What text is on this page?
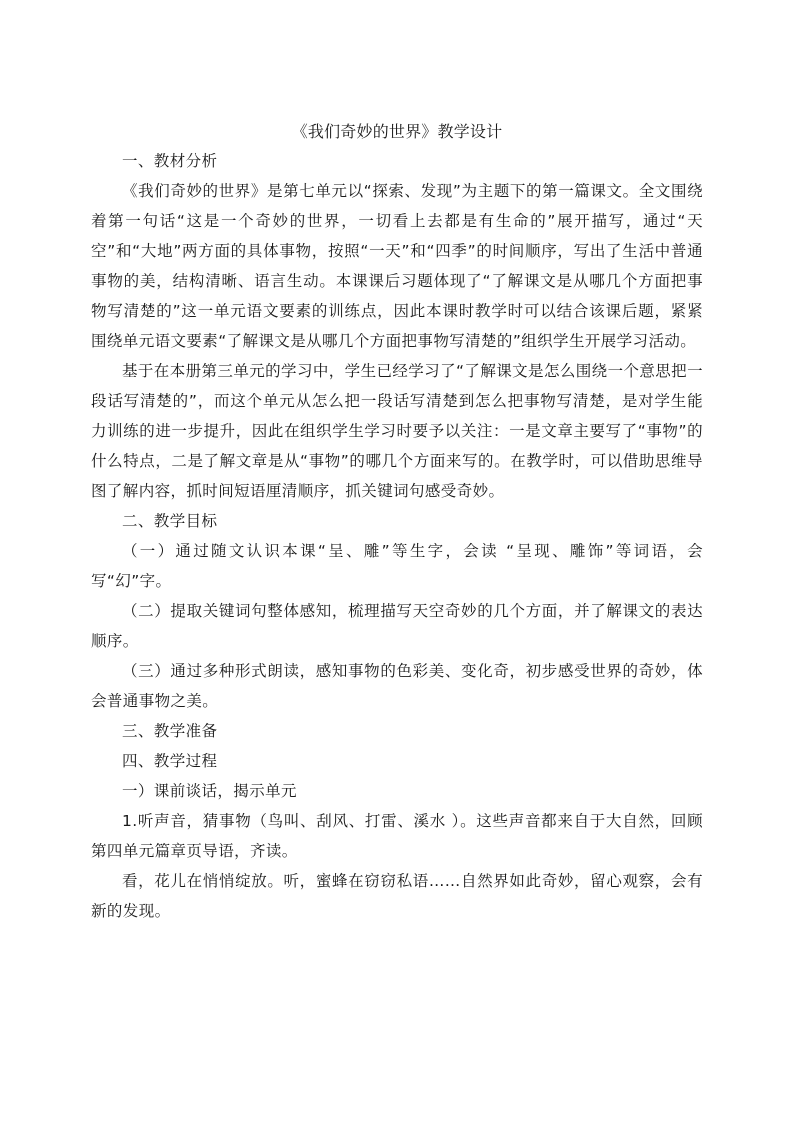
《我们奇妙的世界》教学设计
一、教材分析

《我们奇妙的世界》是第七单元以“探索、发现”为主题下的第一篇课文。全文围绕着第一句话“这是一个奇妙的世界，一切看上去都是有生命的”展开描写，通过“天空”和“大地”两方面的具体事物，按照“一天”和“四季”的时间顺序，写出了生活中普通事物的美，结构清晰、语言生动。本课课后习题体现了“了解课文是从哪几个方面把事物写清楚的”这一单元语文要素的训练点，因此本课时教学时可以结合该课后题，紧紧围绕单元语文要素“了解课文是从哪几个方面把事物写清楚的”组织学生开展学习活动。

基于在本册第三单元的学习中，学生已经学习了“了解课文是怎么围绕一个意思把一段话写清楚的”，而这个单元从怎么把一段话写清楚到怎么把事物写清楚，是对学生能力训练的进一步提升，因此在组织学生学习时要予以关注：一是文章主要写了“事物”的什么特点，二是了解文章是从“事物”的哪几个方面来写的。在教学时，可以借助思维导图了解内容，抓时间短语厘清顺序，抓关键词句感受奇妙。

二、教学目标

（一）通过随文认识本课“呈、雕”等生字，会读 “呈现、雕饰”等词语，会写“幻”字。

（二）提取关键词句整体感知，梳理描写天空奇妙的几个方面，并了解课文的表达顺序。

（三）通过多种形式朗读，感知事物的色彩美、变化奇，初步感受世界的奇妙，体会普通事物之美。

三、教学准备
四、教学过程

一）课前谈话，揭示单元

1.听声音，猜事物（鸟叫、刮风、打雷、溪水 ）。这些声音都来自于大自然，回顾第四单元篇章页导语，齐读。

看，花儿在悄悄绽放。听，蜜蜂在窃窃私语……自然界如此奇妙，留心观察，会有新的发现。
